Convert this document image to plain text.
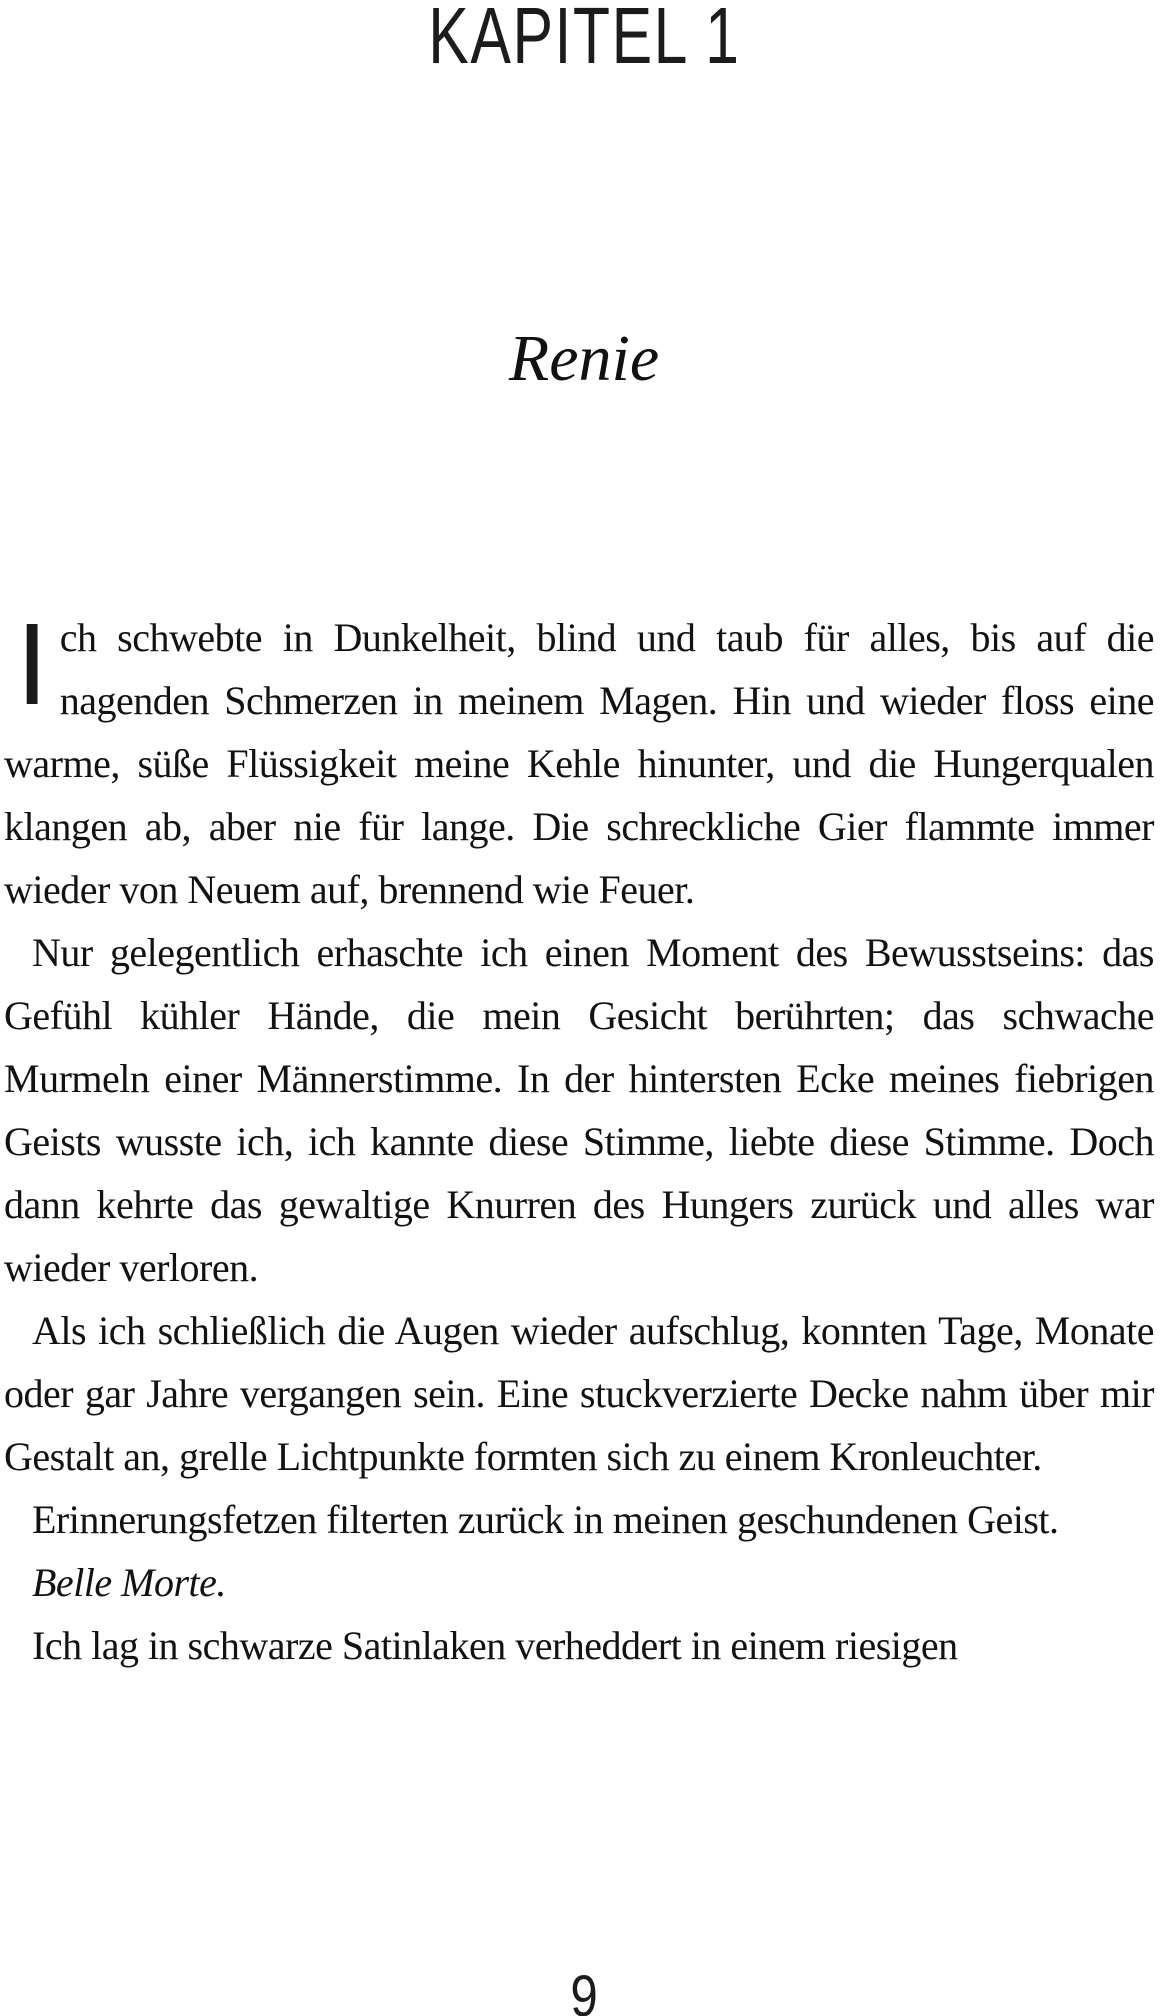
KAPITEL 1
Renie

Ich schwebte in Dunkelheit, blind und taub für alles, bis auf die nagenden Schmerzen in meinem Magen. Hin und wieder floss eine warme, süße Flüssigkeit meine Kehle hinunter, und die Hungerqualen klangen ab, aber nie für lange. Die schreckliche Gier flammte immer wieder von Neuem auf, brennend wie Feuer.

Nur gelegentlich erhaschte ich einen Moment des Bewusstseins: das Gefühl kühler Hände, die mein Gesicht berührten; das schwache Murmeln einer Männerstimme. In der hintersten Ecke meines fiebrigen Geists wusste ich, ich kannte diese Stimme, liebte diese Stimme. Doch dann kehrte das gewaltige Knurren des Hungers zurück und alles war wieder verloren.

Als ich schließlich die Augen wieder aufschlug, konnten Tage, Monate oder gar Jahre vergangen sein. Eine stuckverzierte Decke nahm über mir Gestalt an, grelle Lichtpunkte formten sich zu einem Kronleuchter.

Erinnerungsfetzen filterten zurück in meinen geschundenen Geist.

Belle Morte.

Ich lag in schwarze Satinlaken verheddert in einem riesigen

9
